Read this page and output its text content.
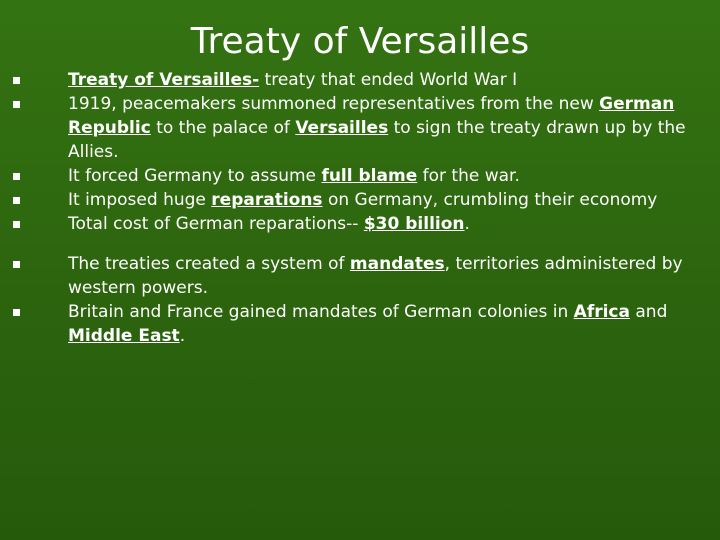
Treaty of Versailles
Treaty of Versailles- treaty that ended World War I
1919, peacemakers summoned representatives from the new German Republic to the palace of Versailles to sign the treaty drawn up by the Allies.
It forced Germany to assume full blame for the war.
It imposed huge reparations on Germany, crumbling their economy
Total cost of German reparations-- $30 billion.
The treaties created a system of mandates, territories administered by western powers.
Britain and France gained mandates of German colonies in Africa and Middle East.
